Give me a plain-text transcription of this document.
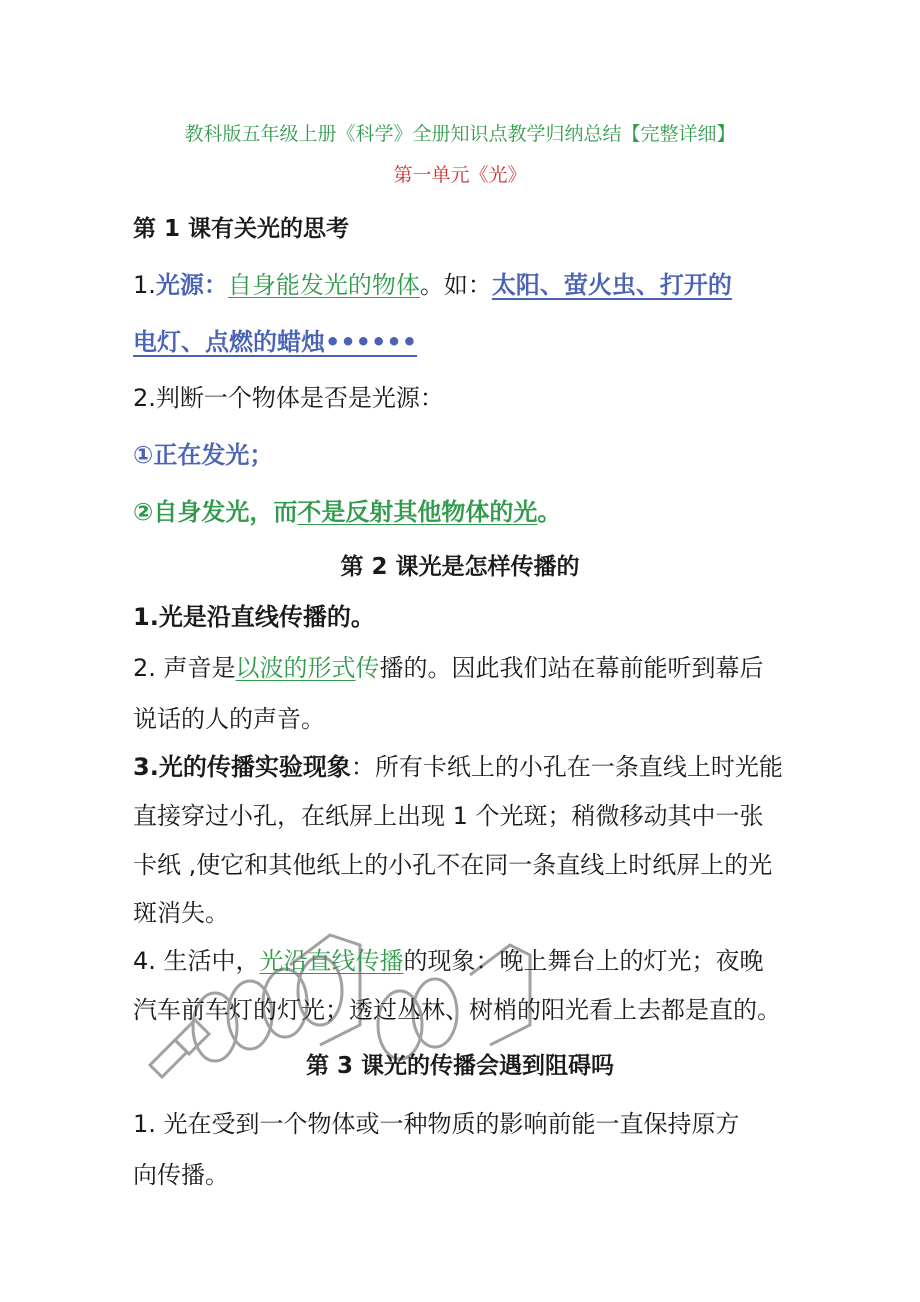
教科版五年级上册《科学》全册知识点教学归纳总结【完整详细】
第一单元《光》
第 1 课有关光的思考
1.光源：自身能发光的物体。如：太阳、萤火虫、打开的
电灯、点燃的蜡烛••••••
2.判断一个物体是否是光源：
①正在发光；
②自身发光，而不是反射其他物体的光。
第 2 课光是怎样传播的
1.光是沿直线传播的。
2. 声音是以波的形式传播的。因此我们站在幕前能听到幕后
说话的人的声音。
3.光的传播实验现象：所有卡纸上的小孔在一条直线上时光能
直接穿过小孔，在纸屏上出现 1 个光斑；稍微移动其中一张
卡纸 ,使它和其他纸上的小孔不在同一条直线上时纸屏上的光
斑消失。
4. 生活中，光沿直线传播的现象：晚上舞台上的灯光；夜晚
汽车前车灯的灯光；透过丛林、树梢的阳光看上去都是直的。
第 3 课光的传播会遇到阻碍吗
1. 光在受到一个物体或一种物质的影响前能一直保持原方
向传播。
